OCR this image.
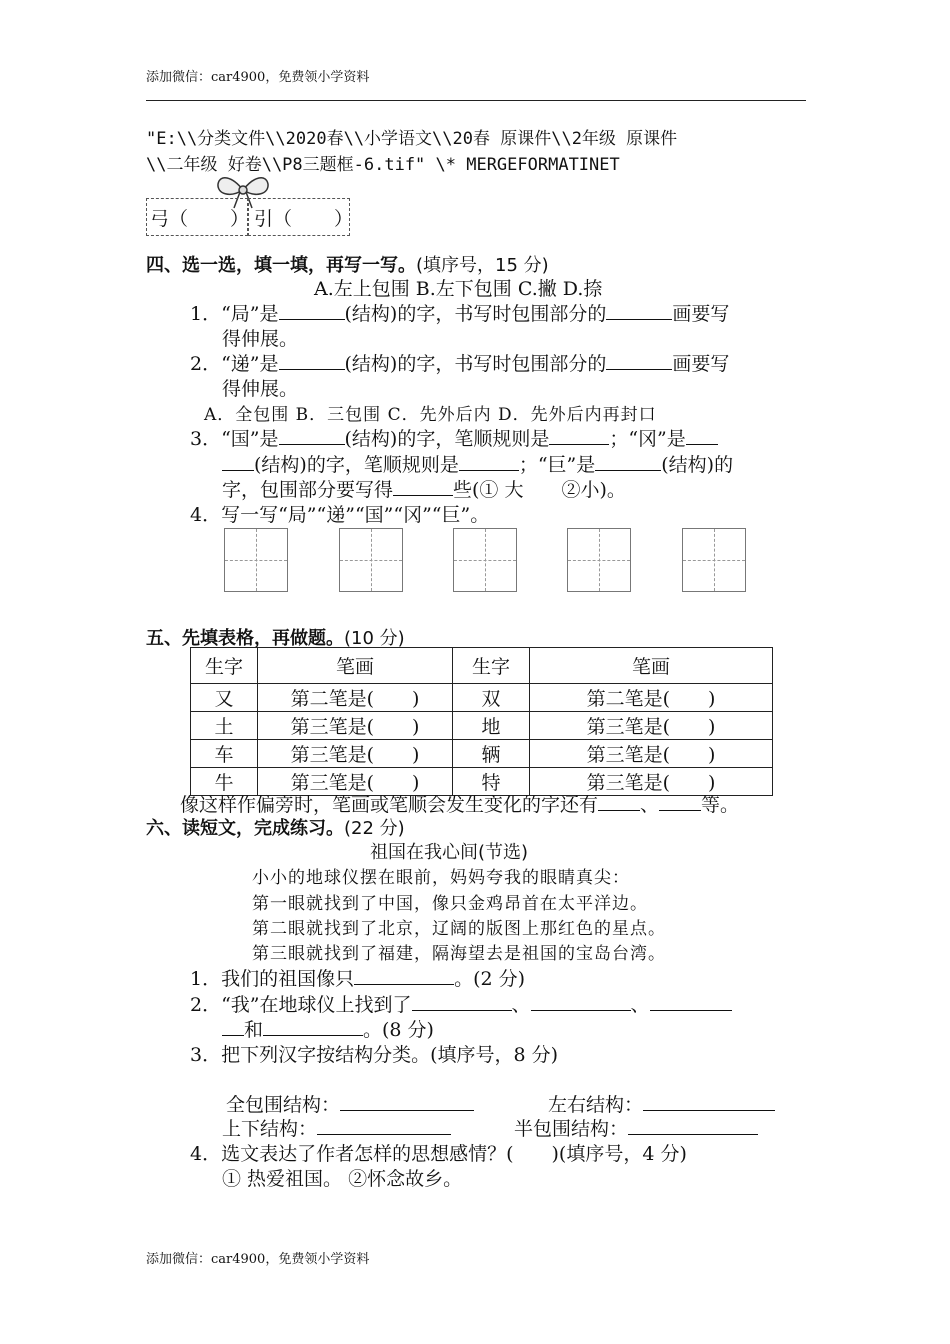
添加微信：car4900，免费领小学资料
"E:\\分类文件\\2020春\\小学语文\\20春 原课件\\2年级 原课件
\\二年级 好卷\\P8三题框-6.tif" \* MERGEFORMATINET
弓（ ） 引（ ）
四、选一选，填一填，再写一写。(填序号，15 分)
A.左上包围 B.左下包围 C.撇 D.捺
1．“局”是	(结构)的字，书写时包围部分的	画要写
得伸展。
2．“递”是	(结构)的字，书写时包围部分的	画要写
得伸展。
A．全包围 B．三包围 C．先外后内 D．先外后内再封口
3．“国”是	(结构)的字，笔顺规则是	；“冈”是
(结构)的字，笔顺规则是	；“巨”是	(结构)的
字，包围部分要写得	些(① 大　　②小)。
4．写一写“局”“递”“国”“冈”“巨”。
五、先填表格，再做题。(10 分)
生字	笔画	生字	笔画
又	第二笔是(　　)	双	第二笔是(　　)
土	第三笔是(　　)	地	第三笔是(　　)
车	第三笔是(　　)	辆	第三笔是(　　)
牛	第三笔是(　　)	特	第三笔是(　　)
像这样作偏旁时，笔画或笔顺会发生变化的字还有 、 等。
六、读短文，完成练习。(22 分)
祖国在我心间(节选)
小小的地球仪摆在眼前，妈妈夸我的眼睛真尖：
第一眼就找到了中国，像只金鸡昂首在太平洋边。
第二眼就找到了北京，辽阔的版图上那红色的星点。
第三眼就找到了福建，隔海望去是祖国的宝岛台湾。
1．我们的祖国像只	。(2 分)
2．“我”在地球仪上找到了	、	、
和	。(8 分)
3．把下列汉字按结构分类。(填序号，8 分)
全包围结构：	左右结构：
上下结构：	半包围结构：
4．选文表达了作者怎样的思想感情？(　　)(填序号，4 分)
① 热爱祖国。 ②怀念故乡。
添加微信：car4900，免费领小学资料
